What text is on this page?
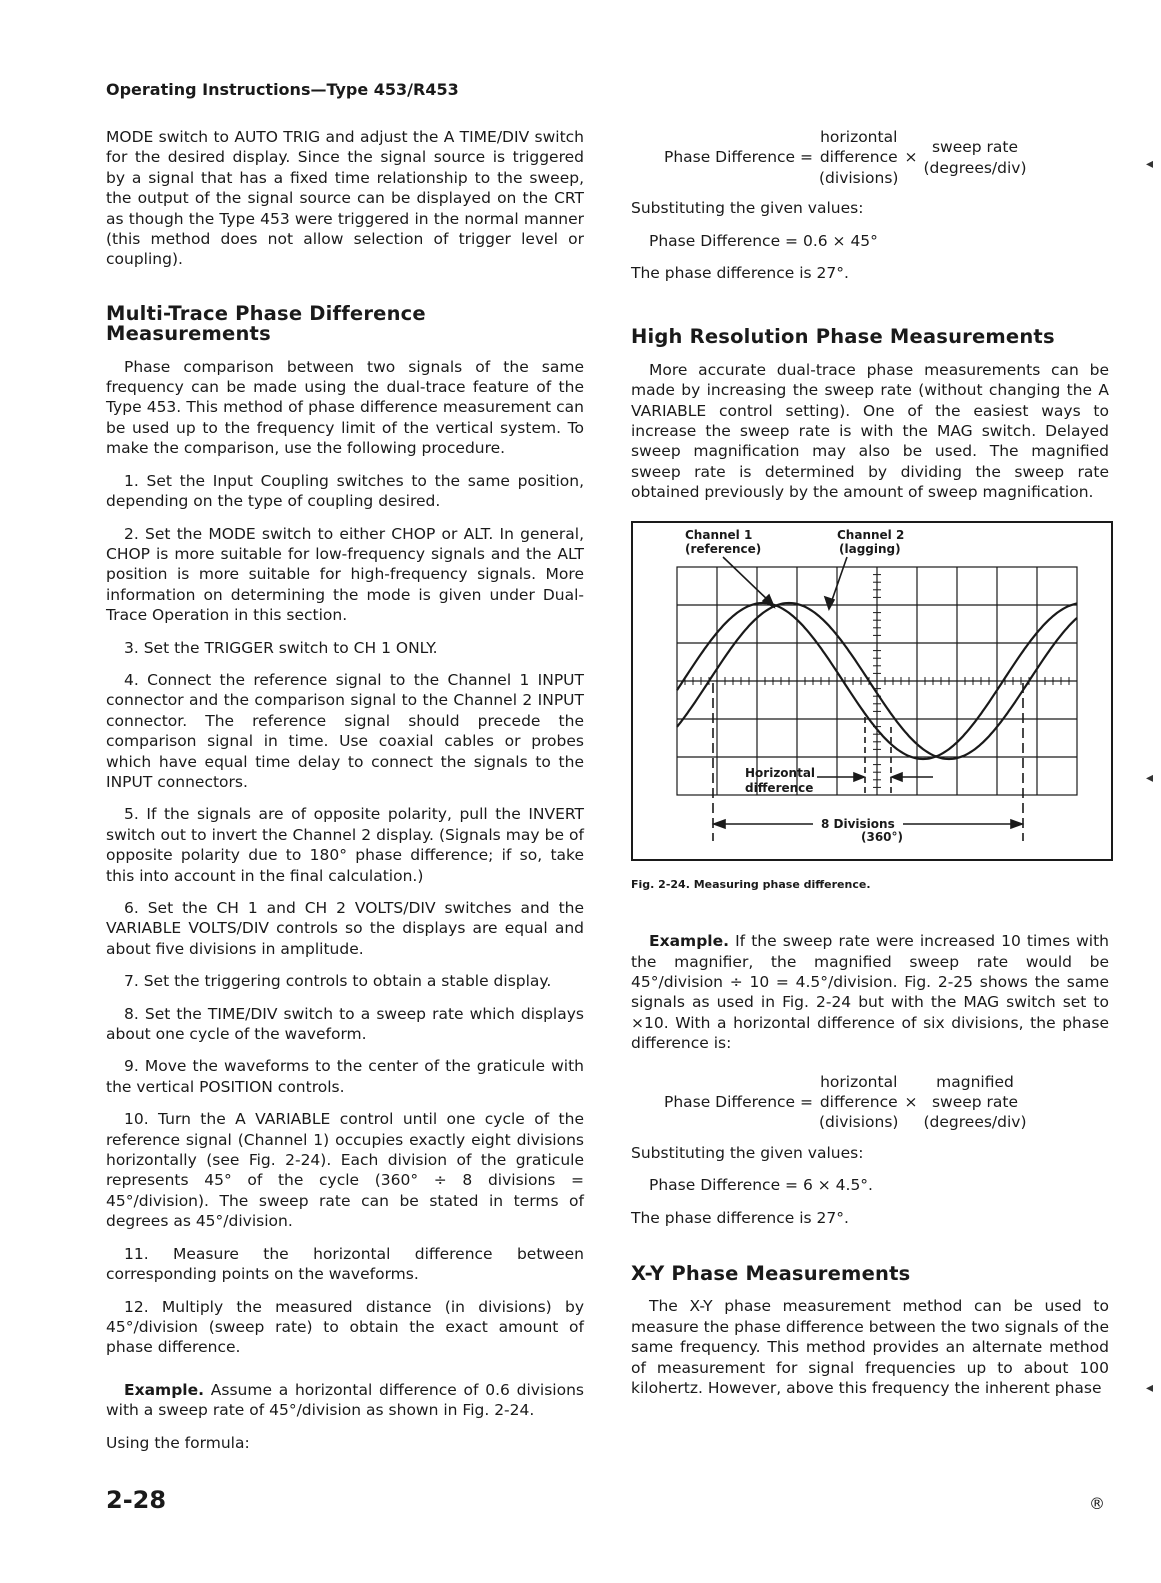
Operating Instructions—Type 453/R453

MODE switch to AUTO TRIG and adjust the A TIME/DIV switch for the desired display. Since the signal source is triggered by a signal that has a fixed time relationship to the sweep, the output of the signal source can be displayed on the CRT as though the Type 453 were triggered in the normal manner (this method does not allow selection of trigger level or coupling).

Multi-Trace Phase Difference Measurements

Phase comparison between two signals of the same frequency can be made using the dual-trace feature of the Type 453. This method of phase difference measurement can be used up to the frequency limit of the vertical system. To make the comparison, use the following procedure.

1. Set the Input Coupling switches to the same position, depending on the type of coupling desired.

2. Set the MODE switch to either CHOP or ALT. In general, CHOP is more suitable for low-frequency signals and the ALT position is more suitable for high-frequency signals. More information on determining the mode is given under Dual-Trace Operation in this section.

3. Set the TRIGGER switch to CH 1 ONLY.

4. Connect the reference signal to the Channel 1 INPUT connector and the comparison signal to the Channel 2 INPUT connector. The reference signal should precede the comparison signal in time. Use coaxial cables or probes which have equal time delay to connect the signals to the INPUT connectors.

5. If the signals are of opposite polarity, pull the INVERT switch out to invert the Channel 2 display. (Signals may be of opposite polarity due to 180° phase difference; if so, take this into account in the final calculation.)

6. Set the CH 1 and CH 2 VOLTS/DIV switches and the VARIABLE VOLTS/DIV controls so the displays are equal and about five divisions in amplitude.

7. Set the triggering controls to obtain a stable display.

8. Set the TIME/DIV switch to a sweep rate which displays about one cycle of the waveform.

9. Move the waveforms to the center of the graticule with the vertical POSITION controls.

10. Turn the A VARIABLE control until one cycle of the reference signal (Channel 1) occupies exactly eight divisions horizontally (see Fig. 2-24). Each division of the graticule represents 45° of the cycle (360° ÷ 8 divisions = 45°/division). The sweep rate can be stated in terms of degrees as 45°/division.

11. Measure the horizontal difference between corresponding points on the waveforms.

12. Multiply the measured distance (in divisions) by 45°/division (sweep rate) to obtain the exact amount of phase difference.

Example. Assume a horizontal difference of 0.6 divisions with a sweep rate of 45°/division as shown in Fig. 2-24.

Using the formula:

Phase Difference =
horizontal
difference
(divisions)
×
sweep rate
(degrees/div)

Substituting the given values:

Phase Difference = 0.6 × 45°

The phase difference is 27°.

High Resolution Phase Measurements

More accurate dual-trace phase measurements can be made by increasing the sweep rate (without changing the A VARIABLE control setting). One of the easiest ways to increase the sweep rate is with the MAG switch. Delayed sweep magnification may also be used. The magnified sweep rate is determined by dividing the sweep rate obtained previously by the amount of sweep magnification.

Channel 1
(reference)
Channel 2
(lagging)
Horizontal
difference
8 Divisions
(360°)
Fig. 2-24. Measuring phase difference.

Example. If the sweep rate were increased 10 times with the magnifier, the magnified sweep rate would be 45°/division ÷ 10 = 4.5°/division. Fig. 2-25 shows the same signals as used in Fig. 2-24 but with the MAG switch set to ×10. With a horizontal difference of six divisions, the phase difference is:

Phase Difference =
horizontal
difference
(divisions)
×
magnified
sweep rate
(degrees/div)

Substituting the given values:

Phase Difference = 6 × 4.5°.

The phase difference is 27°.

X-Y Phase Measurements

The X-Y phase measurement method can be used to measure the phase difference between the two signals of the same frequency. This method provides an alternate method of measurement for signal frequencies up to about 100 kilohertz. However, above this frequency the inherent phase

2-28	®
◂
◂
◂
